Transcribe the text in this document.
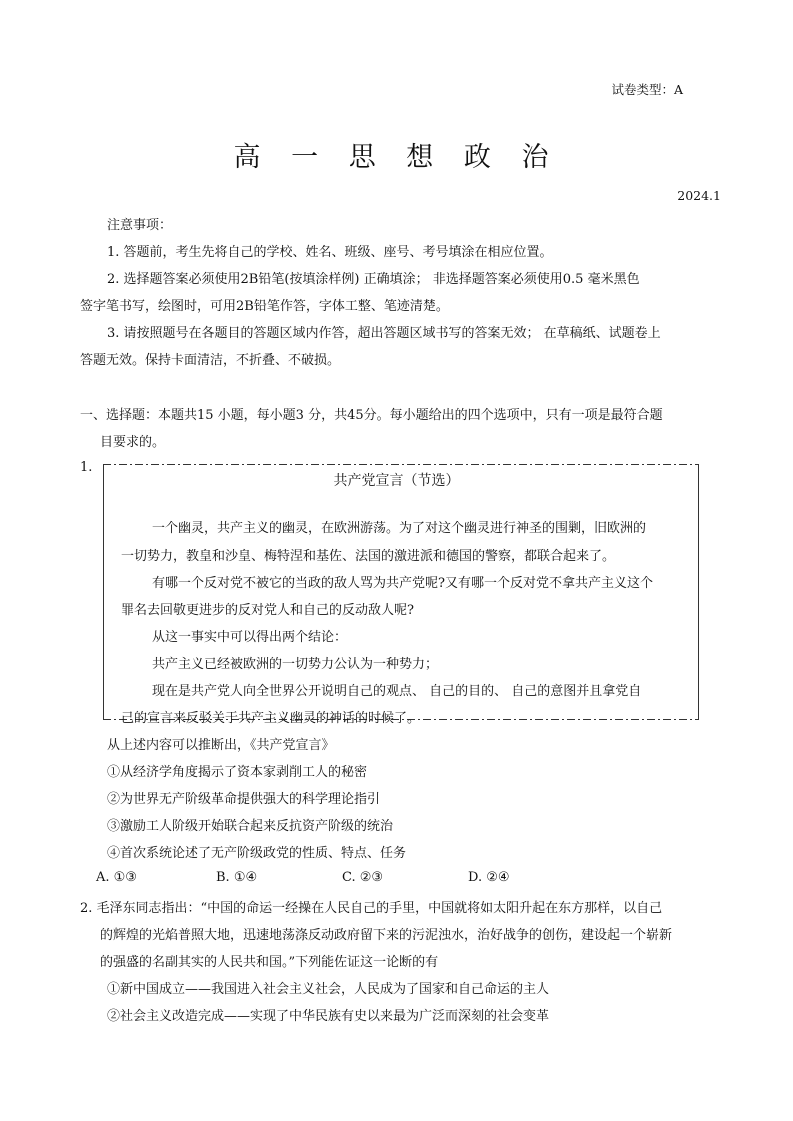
试卷类型：A
高 一 思 想 政 治
2024.1
注意事项：
1. 答题前，考生先将自己的学校、姓名、班级、座号、考号填涂在相应位置。
2. 选择题答案必须使用2B铅笔(按填涂样例) 正确填涂； 非选择题答案必须使用0.5 毫米黑色
签字笔书写，绘图时，可用2B铅笔作答，字体工整、笔迹清楚。
3. 请按照题号在各题目的答题区域内作答，超出答题区域书写的答案无效； 在草稿纸、试题卷上
答题无效。保持卡面清洁，不折叠、不破损。
一、选择题：本题共15 小题，每小题3 分，共45分。每小题给出的四个选项中，只有一项是最符合题
目要求的。
1.
共产党宣言（节选）
一个幽灵，共产主义的幽灵，在欧洲游荡。为了对这个幽灵进行神圣的围剿，旧欧洲的
一切势力，教皇和沙皇、梅特涅和基佐、法国的激进派和德国的警察，都联合起来了。
有哪一个反对党不被它的当政的敌人骂为共产党呢?又有哪一个反对党不拿共产主义这个
罪名去回敬更进步的反对党人和自己的反动敌人呢?
从这一事实中可以得出两个结论：
共产主义已经被欧洲的一切势力公认为一种势力；
现在是共产党人向全世界公开说明自己的观点、 自己的目的、 自己的意图并且拿党自
己的宣言来反驳关于共产主义幽灵的神话的时候了。
从上述内容可以推断出，《共产党宣言》
①从经济学角度揭示了资本家剥削工人的秘密
②为世界无产阶级革命提供强大的科学理论指引
③激励工人阶级开始联合起来反抗资产阶级的统治
④首次系统论述了无产阶级政党的性质、特点、任务
A. ①③	B. ①④	C. ②③	D. ②④
2. 毛泽东同志指出：“中国的命运一经操在人民自己的手里，中国就将如太阳升起在东方那样，以自己
的辉煌的光焰普照大地，迅速地荡涤反动政府留下来的污泥浊水，治好战争的创伤，建设起一个崭新
的强盛的名副其实的人民共和国。”下列能佐证这一论断的有
①新中国成立——我国进入社会主义社会，人民成为了国家和自己命运的主人
②社会主义改造完成——实现了中华民族有史以来最为广泛而深刻的社会变革
